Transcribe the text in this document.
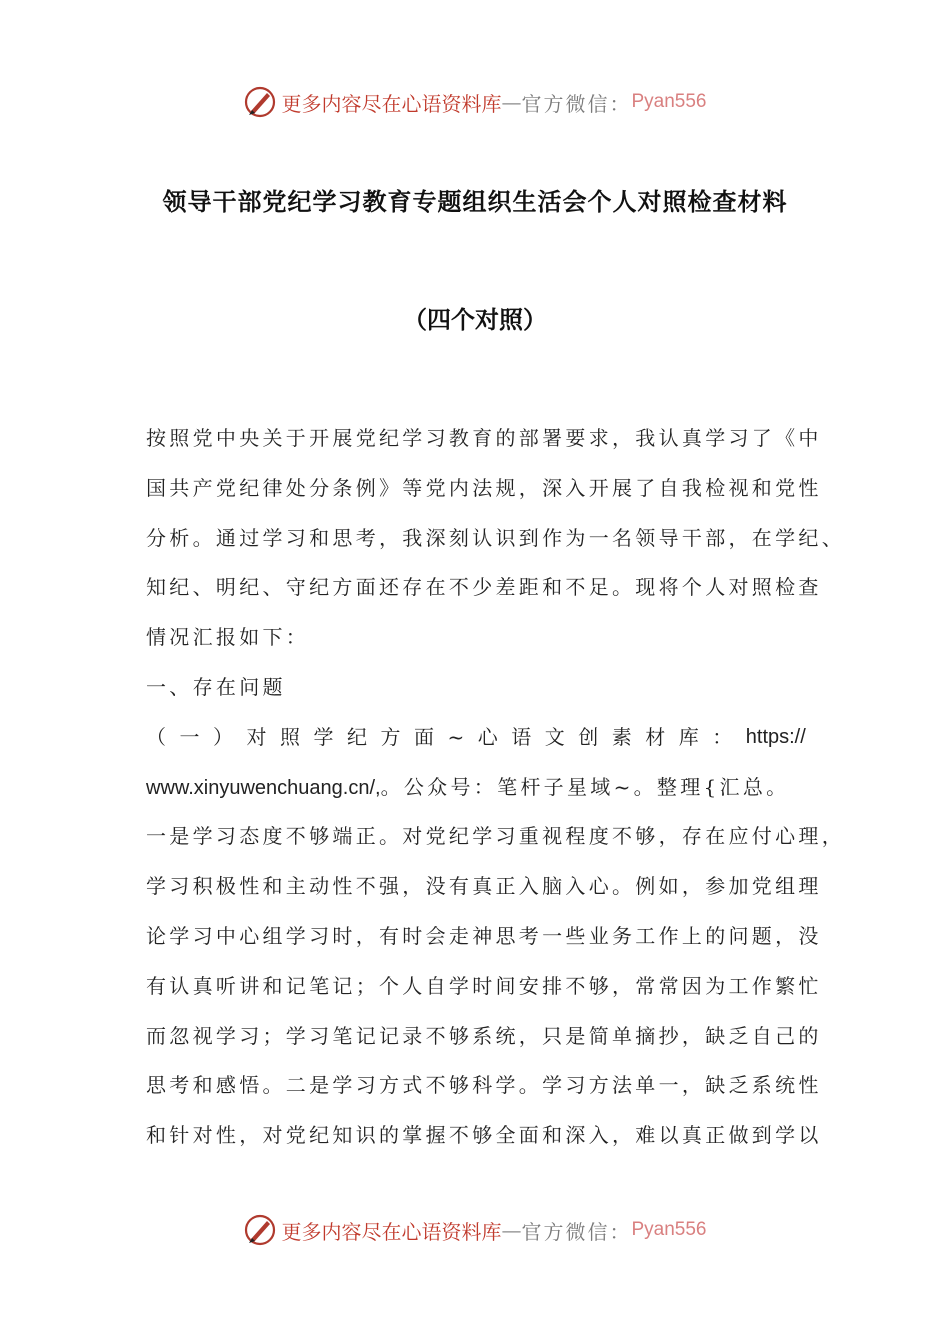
更多内容尽在心语资料库 — 官方微信： Pyan556
领导干部党纪学习教育专题组织生活会个人对照检查材料
（四个对照）
按照党中央关于开展党纪学习教育的部署要求，我认真学习了《中
国共产党纪律处分条例》等党内法规，深入开展了自我检视和党性
分析。通过学习和思考，我深刻认识到作为一名领导干部，在学纪、
知纪、明纪、守纪方面还存在不少差距和不足。现将个人对照检查
情况汇报如下：
一、存在问题
（ 一 ） 对 照 学 纪 方 面 ~ 心 语 文 创 素 材 库 ： https://
www.xinyuwenchuang.cn/,。公众号：笔杆子星域~。整理{汇总。
一是学习态度不够端正。对党纪学习重视程度不够，存在应付心理，
学习积极性和主动性不强，没有真正入脑入心。例如，参加党组理
论学习中心组学习时，有时会走神思考一些业务工作上的问题，没
有认真听讲和记笔记；个人自学时间安排不够，常常因为工作繁忙
而忽视学习；学习笔记记录不够系统，只是简单摘抄，缺乏自己的
思考和感悟。二是学习方式不够科学。学习方法单一，缺乏系统性
和针对性，对党纪知识的掌握不够全面和深入，难以真正做到学以
更多内容尽在心语资料库 — 官方微信： Pyan556
